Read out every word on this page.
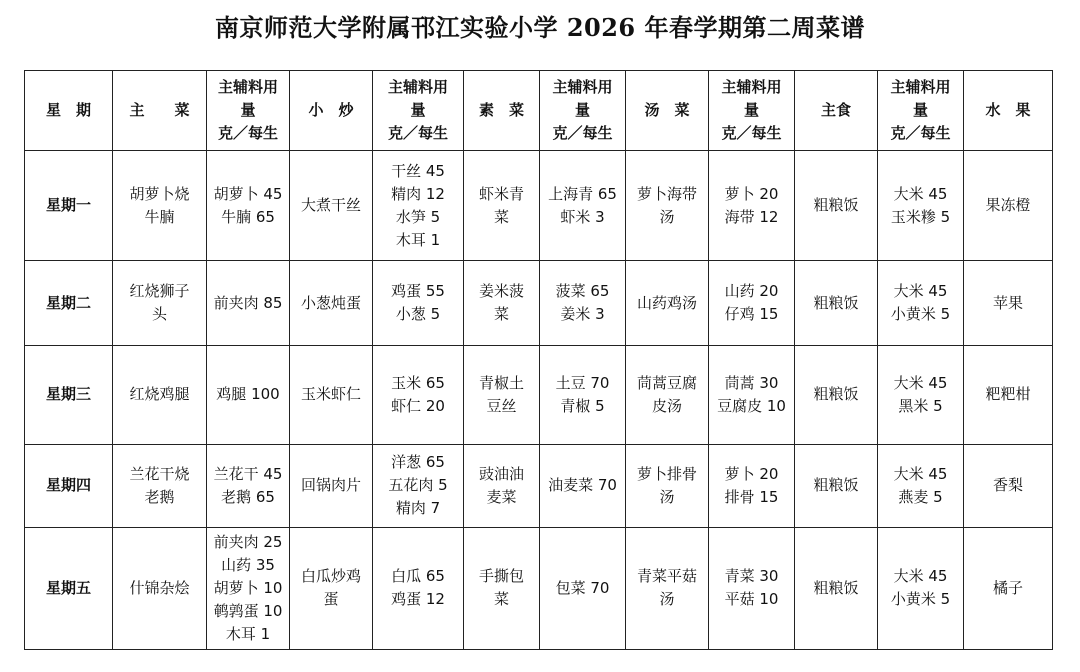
南京师范大学附属邗江实验小学 2026 年春学期第二周菜谱
星　期	主　　菜	主辅料用
量
克／每生	小　炒	主辅料用
量
克／每生	素　菜	主辅料用
量
克／每生	汤　菜	主辅料用
量
克／每生	主食	主辅料用
量
克／每生	水　果

星期一	胡萝卜烧
牛腩	胡萝卜 45
牛腩 65	大煮干丝	干丝 45
精肉 12
水笋 5
木耳 1	虾米青
菜	上海青 65
虾米 3	萝卜海带
汤	萝卜 20
海带 12	粗粮饭	大米 45
玉米糁 5	果冻橙

星期二	红烧狮子
头	前夹肉 85	小葱炖蛋	鸡蛋 55
小葱 5	姜米菠
菜	菠菜 65
姜米 3	山药鸡汤	山药 20
仔鸡 15	粗粮饭	大米 45
小黄米 5	苹果

星期三	红烧鸡腿	鸡腿 100	玉米虾仁	玉米 65
虾仁 20	青椒土
豆丝	土豆 70
青椒 5	茼蒿豆腐
皮汤	茼蒿 30
豆腐皮 10	粗粮饭	大米 45
黑米 5	粑粑柑

星期四	兰花干烧
老鹅	兰花干 45
老鹅 65	回锅肉片	洋葱 65
五花肉 5
精肉 7	豉油油
麦菜	油麦菜 70	萝卜排骨
汤	萝卜 20
排骨 15	粗粮饭	大米 45
燕麦 5	香梨

星期五	什锦杂烩	前夹肉 25
山药 35
胡萝卜 10
鹌鹑蛋 10
木耳 1	白瓜炒鸡
蛋	白瓜 65
鸡蛋 12	手撕包
菜	包菜 70	青菜平菇
汤	青菜 30
平菇 10	粗粮饭	大米 45
小黄米 5	橘子
